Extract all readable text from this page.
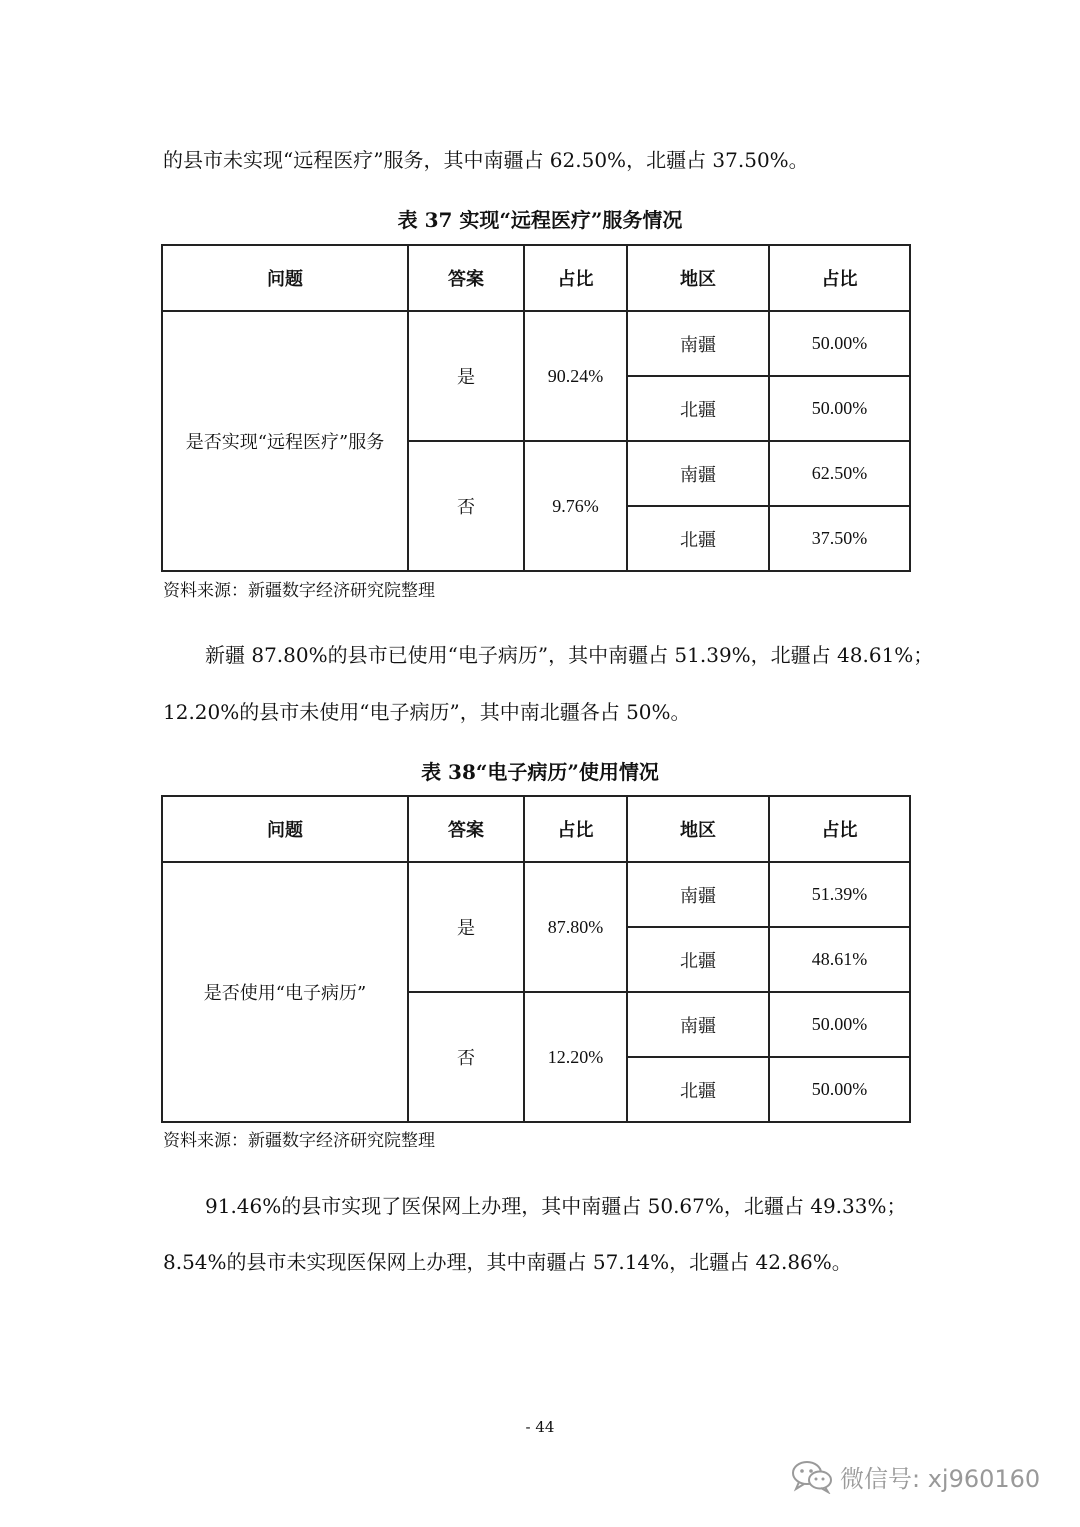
的县市未实现“远程医疗”服务，其中南疆占 62.50%，北疆占 37.50%。
表 37 实现“远程医疗”服务情况
问题	答案	占比	地区	占比
是否实现“远程医疗”服务	是	90.24%	南疆	50.00%
			北疆	50.00%
	否	9.76%	南疆	62.50%
			北疆	37.50%
资料来源：新疆数字经济研究院整理
新疆 87.80%的县市已使用“电子病历”，其中南疆占 51.39%，北疆占 48.61%；
12.20%的县市未使用“电子病历”，其中南北疆各占 50%。
表 38“电子病历”使用情况
问题	答案	占比	地区	占比
是否使用“电子病历”	是	87.80%	南疆	51.39%
			北疆	48.61%
	否	12.20%	南疆	50.00%
			北疆	50.00%
资料来源：新疆数字经济研究院整理
91.46%的县市实现了医保网上办理，其中南疆占 50.67%，北疆占 49.33%；
8.54%的县市未实现医保网上办理，其中南疆占 57.14%，北疆占 42.86%。
- 44
微信号: xj960160
